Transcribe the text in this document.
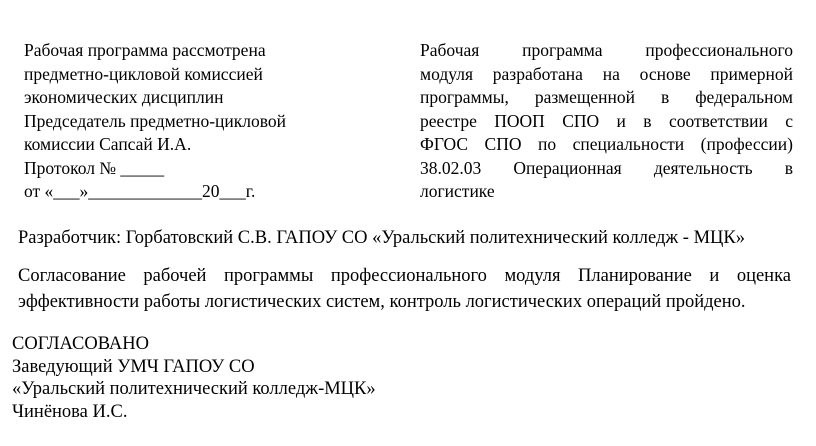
Рабочая программа рассмотрена
предметно-цикловой комиссией
экономических дисциплин
Председатель предметно-цикловой
комиссии Сапсай И.А.
Протокол № _____
от «___»_____________20___г.
Рабочая программа профессионального
модуля разработана на основе примерной
программы, размещенной в федеральном
реестре ПООП СПО и в соответствии с
ФГОС СПО по специальности (профессии)
38.02.03 Операционная деятельность в
логистике
Разработчик: Горбатовский С.В. ГАПОУ СО «Уральский политехнический колледж - МЦК»
Согласование рабочей программы профессионального модуля Планирование и оценка
эффективности работы логистических систем, контроль логистических операций пройдено.
СОГЛАСОВАНО
Заведующий УМЧ ГАПОУ СО
«Уральский политехнический колледж-МЦК»
Чинёнова И.С.
